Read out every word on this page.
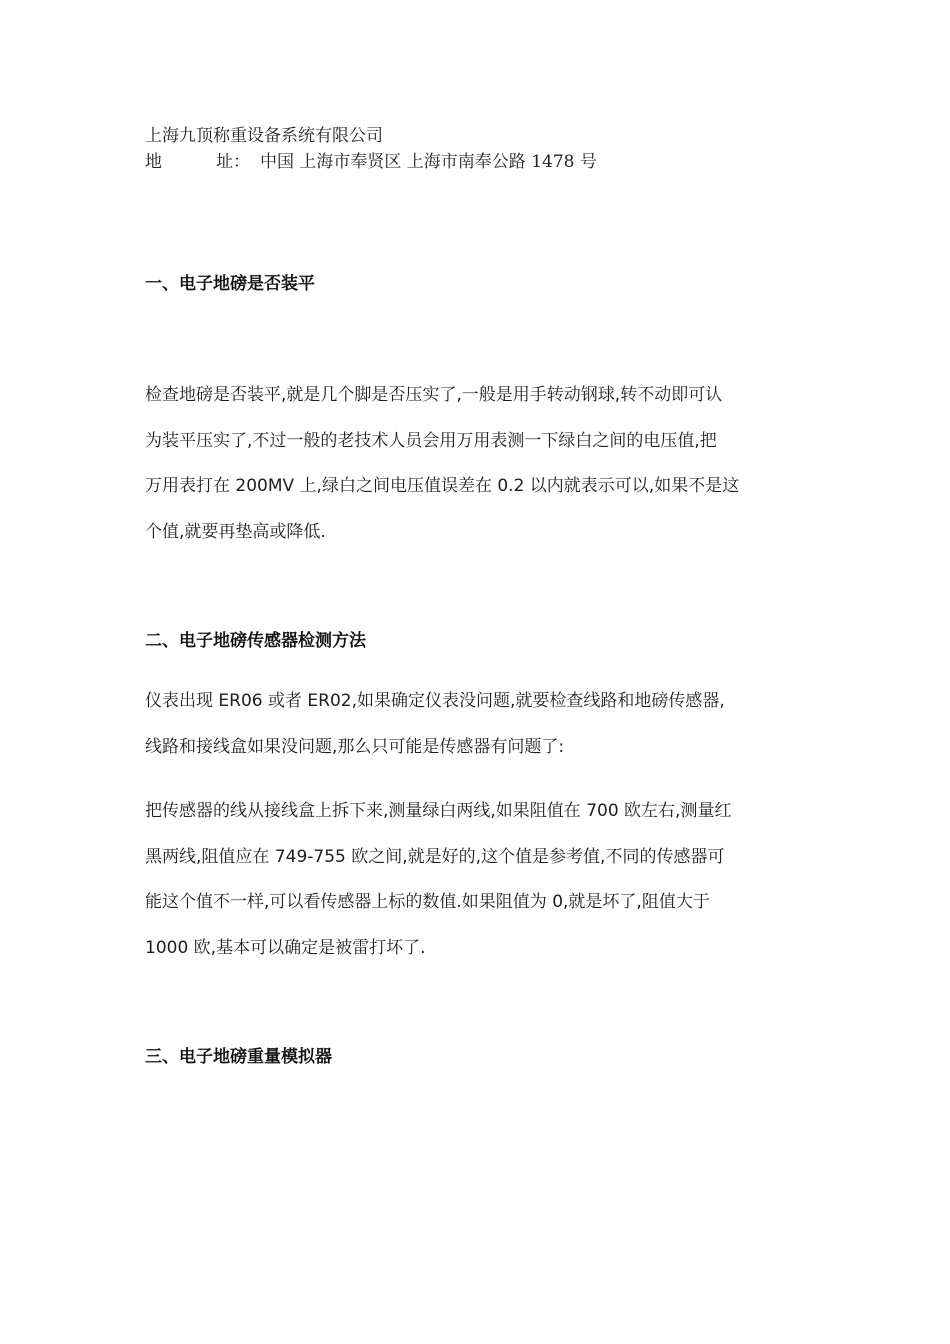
上海九顶称重设备系统有限公司
地	址： 中国 上海市奉贤区 上海市南奉公路 1478 号
一、电子地磅是否装平
检查地磅是否装平,就是几个脚是否压实了,一般是用手转动钢球,转不动即可认
为装平压实了,不过一般的老技术人员会用万用表测一下绿白之间的电压值,把
万用表打在 200MV 上,绿白之间电压值误差在 0.2 以内就表示可以,如果不是这
个值,就要再垫高或降低.
二、电子地磅传感器检测方法
仪表出现 ER06 或者 ER02,如果确定仪表没问题,就要检查线路和地磅传感器,
线路和接线盒如果没问题,那么只可能是传感器有问题了:
把传感器的线从接线盒上拆下来,测量绿白两线,如果阻值在 700 欧左右,测量红
黑两线,阻值应在 749-755 欧之间,就是好的,这个值是参考值,不同的传感器可
能这个值不一样,可以看传感器上标的数值.如果阻值为 0,就是坏了,阻值大于
1000 欧,基本可以确定是被雷打坏了.
三、电子地磅重量模拟器
